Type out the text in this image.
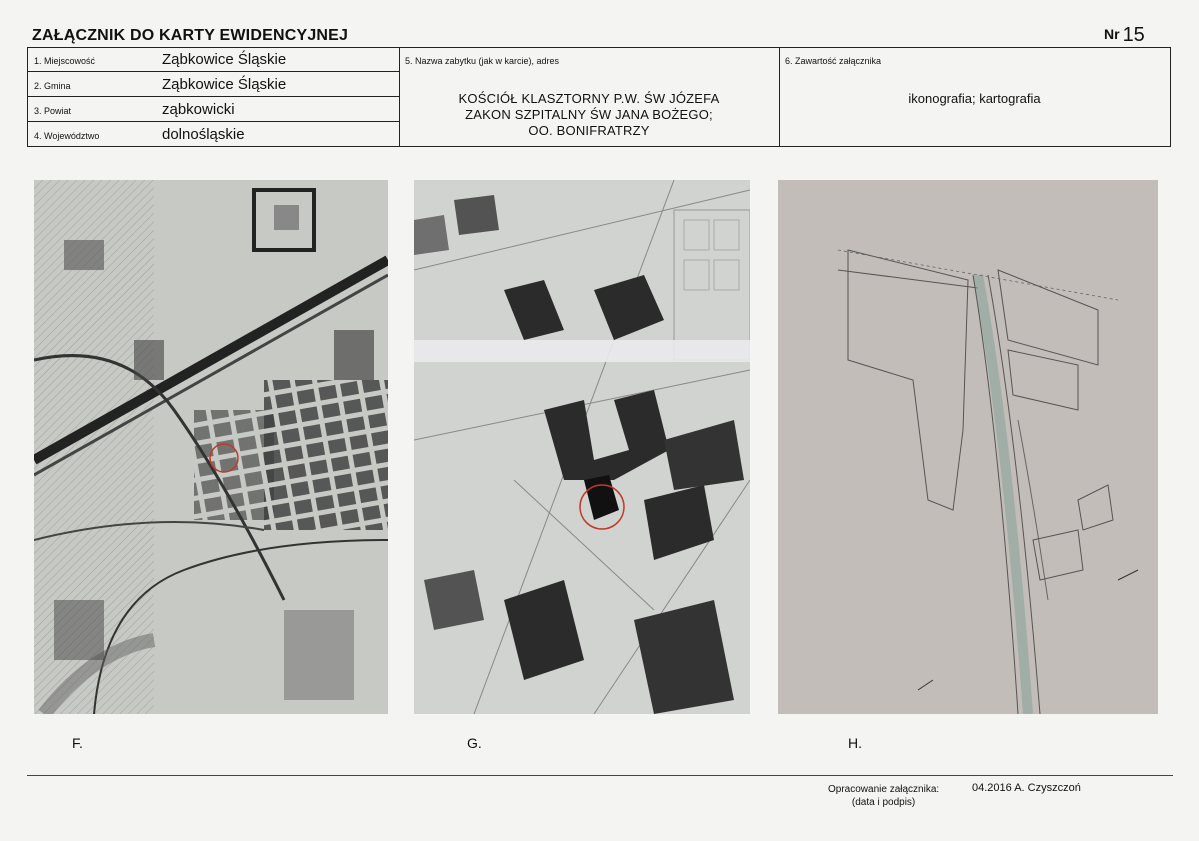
ZAŁĄCZNIK DO KARTY EWIDENCYJNEJ	Nr 15
1. Miejscowość	Ząbkowice Śląskie
2. Gmina	Ząbkowice Śląskie
3. Powiat	ząbkowicki
4. Województwo	dolnośląskie
5. Nazwa zabytku (jak w karcie), adres
KOŚCIÓŁ KLASZTORNY P.W. ŚW JÓZEFA
ZAKON SZPITALNY ŚW JANA BOŻEGO;
OO. BONIFRATRZY
6. Zawartość załącznika
ikonografia; kartografia
F.	G.	H.
Opracowanie załącznika:
(data i podpis)
04.2016 A. Czyszczoń
